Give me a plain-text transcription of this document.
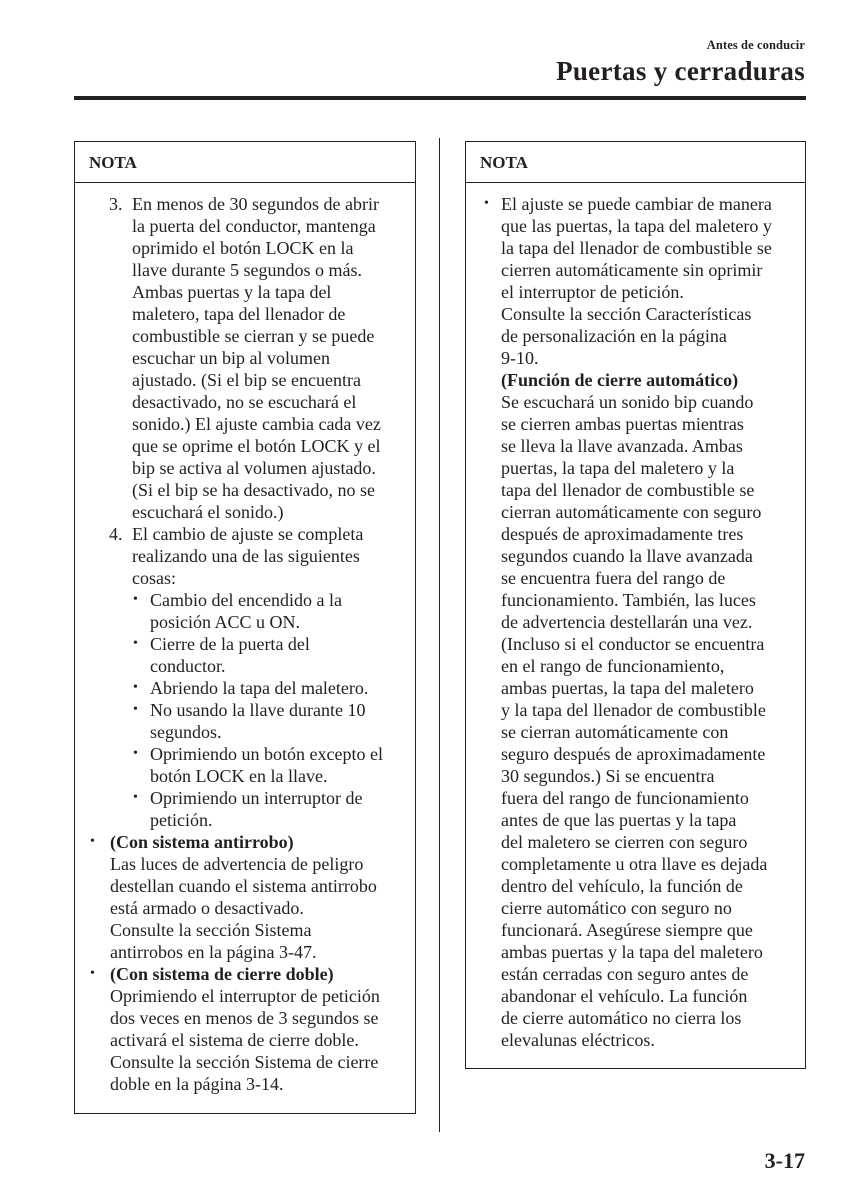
Antes de conducir
Puertas y cerraduras
NOTA
3. En menos de 30 segundos de abrir
la puerta del conductor, mantenga
oprimido el botón LOCK en la
llave durante 5 segundos o más.
Ambas puertas y la tapa del
maletero, tapa del llenador de
combustible se cierran y se puede
escuchar un bip al volumen
ajustado. (Si el bip se encuentra
desactivado, no se escuchará el
sonido.) El ajuste cambia cada vez
que se oprime el botón LOCK y el
bip se activa al volumen ajustado.
(Si el bip se ha desactivado, no se
escuchará el sonido.)
4. El cambio de ajuste se completa
realizando una de las siguientes
cosas:
• Cambio del encendido a la
posición ACC u ON.
• Cierre de la puerta del
conductor.
• Abriendo la tapa del maletero.
• No usando la llave durante 10
segundos.
• Oprimiendo un botón excepto el
botón LOCK en la llave.
• Oprimiendo un interruptor de
petición.
• (Con sistema antirrobo)
Las luces de advertencia de peligro
destellan cuando el sistema antirrobo
está armado o desactivado.
Consulte la sección Sistema
antirrobos en la página 3-47.
• (Con sistema de cierre doble)
Oprimiendo el interruptor de petición
dos veces en menos de 3 segundos se
activará el sistema de cierre doble.
Consulte la sección Sistema de cierre
doble en la página 3-14.
NOTA
• El ajuste se puede cambiar de manera
que las puertas, la tapa del maletero y
la tapa del llenador de combustible se
cierren automáticamente sin oprimir
el interruptor de petición.
Consulte la sección Características
de personalización en la página
9-10.
(Función de cierre automático)
Se escuchará un sonido bip cuando
se cierren ambas puertas mientras
se lleva la llave avanzada. Ambas
puertas, la tapa del maletero y la
tapa del llenador de combustible se
cierran automáticamente con seguro
después de aproximadamente tres
segundos cuando la llave avanzada
se encuentra fuera del rango de
funcionamiento. También, las luces
de advertencia destellarán una vez.
(Incluso si el conductor se encuentra
en el rango de funcionamiento,
ambas puertas, la tapa del maletero
y la tapa del llenador de combustible
se cierran automáticamente con
seguro después de aproximadamente
30 segundos.) Si se encuentra
fuera del rango de funcionamiento
antes de que las puertas y la tapa
del maletero se cierren con seguro
completamente u otra llave es dejada
dentro del vehículo, la función de
cierre automático con seguro no
funcionará. Asegúrese siempre que
ambas puertas y la tapa del maletero
están cerradas con seguro antes de
abandonar el vehículo. La función
de cierre automático no cierra los
elevalunas eléctricos.
3-17
